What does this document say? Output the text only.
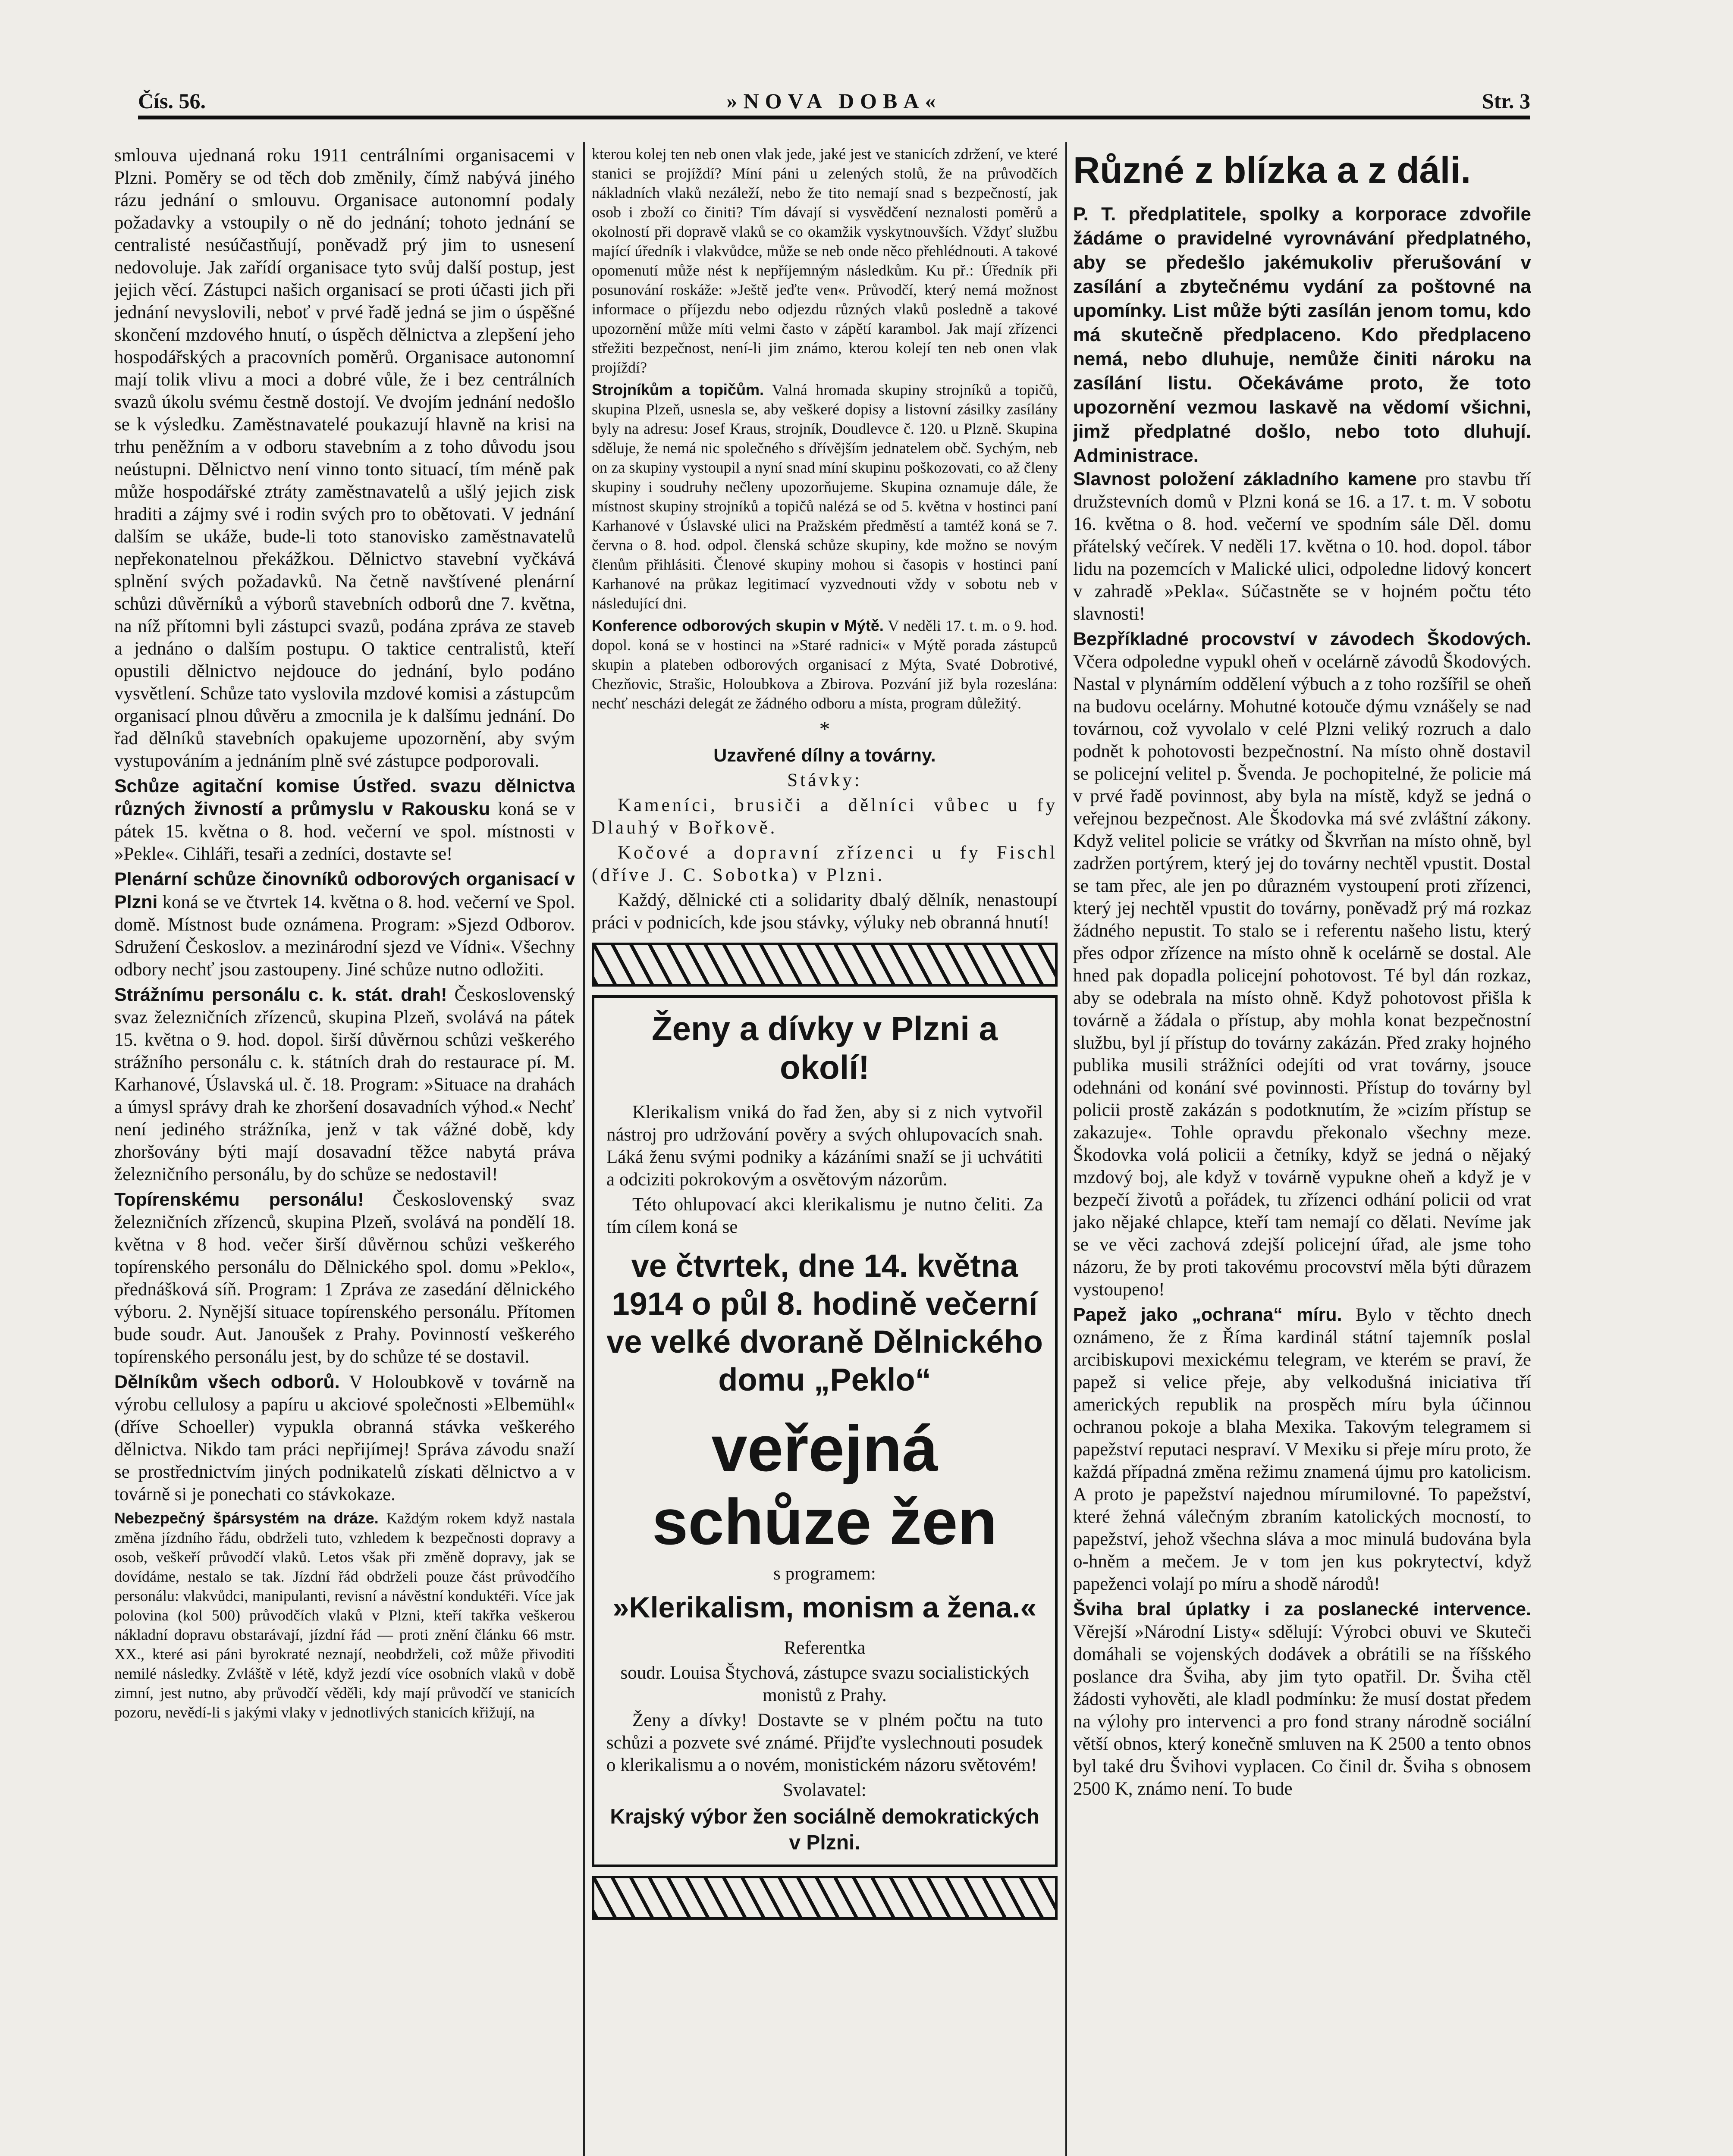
Čís. 56.	»NOVA DOBA«	Str. 3

smlouva ujednaná roku 1911 centrálními organisacemi v Plzni. Poměry se od těch dob změnily, čímž nabývá jiného rázu jednání o smlouvu. Organisace autonomní podaly požadavky a vstoupily o ně do jednání; tohoto jednání se centralisté nesúčastňují, poněvadž prý jim to usnesení nedovoluje. Jak zařídí organisace tyto svůj další postup, jest jejich věcí. Zástupci našich organisací se proti účasti jich při jednání nevyslovili, neboť v prvé řadě jedná se jim o úspěšné skončení mzdového hnutí, o úspěch dělnictva a zlepšení jeho hospodářských a pracovních poměrů. Organisace autonomní mají tolik vlivu a moci a dobré vůle, že i bez centrálních svazů úkolu svému čestně dostojí. Ve dvojím jednání nedošlo se k výsledku. Zaměstnavatelé poukazují hlavně na krisi na trhu peněžním a v odboru stavebním a z toho důvodu jsou neústupni. Dělnictvo není vinno tonto situací, tím méně pak může hospodářské ztráty zaměstnavatelů a ušlý jejich zisk hraditi a zájmy své i rodin svých pro to obětovati. V jednání dalším se ukáže, bude-li toto stanovisko zaměstnavatelů nepřekonatelnou překážkou. Dělnictvo stavební vyčkává splnění svých požadavků. Na četně navštívené plenární schůzi důvěrníků a výborů stavebních odborů dne 7. května, na níž přítomni byli zástupci svazů, podána zpráva ze staveb a jednáno o dalším postupu. O taktice centralistů, kteří opustili dělnictvo nejdouce do jednání, bylo podáno vysvětlení. Schůze tato vyslovila mzdové komisi a zástupcům organisací plnou důvěru a zmocnila je k dalšímu jednání. Do řad dělníků stavebních opakujeme upozornění, aby svým vystupováním a jednáním plně své zástupce podporovali.

Schůze agitační komise Ústřed. svazu dělnictva různých živností a průmyslu v Rakousku koná se v pátek 15. května o 8. hod. večerní ve spol. místnosti v »Pekle«. Cihláři, tesaři a zedníci, dostavte se!

Plenární schůze činovníků odborových organisací v Plzni koná se ve čtvrtek 14. května o 8. hod. večerní ve Spol. domě. Místnost bude oznámena. Program: »Sjezd Odborov. Sdružení Českoslov. a mezinárodní sjezd ve Vídni«. Všechny odbory nechť jsou zastoupeny. Jiné schůze nutno odložiti.

Strážnímu personálu c. k. stát. drah! Československý svaz železničních zřízenců, skupina Plzeň, svolává na pátek 15. května o 9. hod. dopol. širší důvěrnou schůzi veškerého strážního personálu c. k. státních drah do restaurace pí. M. Karhanové, Úslavská ul. č. 18. Program: »Situace na drahách a úmysl správy drah ke zhoršení dosavadních výhod.« Nechť není jediného strážníka, jenž v tak vážné době, kdy zhoršovány býti mají dosavadní těžce nabytá práva železničního personálu, by do schůze se nedostavil!

Topírenskému personálu! Československý svaz železničních zřízenců, skupina Plzeň, svolává na pondělí 18. května v 8 hod. večer širší důvěrnou schůzi veškerého topírenského personálu do Dělnického spol. domu »Peklo«, přednášková síň. Program: 1 Zpráva ze zasedání dělnického výboru. 2. Nynější situace topírenského personálu. Přítomen bude soudr. Aut. Janoušek z Prahy. Povinností veškerého topírenského personálu jest, by do schůze té se dostavil.

Dělníkům všech odborů. V Holoubkově v továrně na výrobu cellulosy a papíru u akciové společnosti »Elbemühl« (dříve Schoeller) vypukla obranná stávka veškerého dělnictva. Nikdo tam práci nepřijímej! Správa závodu snaží se prostřednictvím jiných podnikatelů získati dělnictvo a v továrně si je ponechati co stávkokaze.

Nebezpečný špársystém na dráze. Každým rokem když nastala změna jízdního řádu, obdrželi tuto, vzhledem k bezpečnosti dopravy a osob, veškeří průvodčí vlaků. Letos však při změně dopravy, jak se dovídáme, nestalo se tak. Jízdní řád obdrželi pouze část průvodčího personálu: vlakvůdci, manipulanti, revisní a návěstní konduktéři. Více jak polovina (kol 500) průvodčích vlaků v Plzni, kteří takřka veškerou nákladní dopravu obstarávají, jízdní řád — proti znění článku 66 mstr. XX., které asi páni byrokraté neznají, neobdrželi, což může přivoditi nemilé následky. Zvláště v létě, když jezdí více osobních vlaků v době zimní, jest nutno, aby průvodčí věděli, kdy mají průvodčí ve stanicích pozoru, nevědí-li s jakými vlaky v jednotlivých stanicích křižují, na

kterou kolej ten neb onen vlak jede, jaké jest ve stanicích zdržení, ve které stanici se projíždí? Míní páni u zelených stolů, že na průvodčích nákladních vlaků nezáleží, nebo že tito nemají snad s bezpečností, jak osob i zboží co činiti? Tím dávají si vysvědčení neznalosti poměrů a okolností při dopravě vlaků se co okamžik vyskytnouvších. Vždyť službu mající úředník i vlakvůdce, může se neb onde něco přehlédnouti. A takové opomenutí může nést k nepříjemným následkům. Ku př.: Úředník při posunování roskáže: »Ještě jeďte ven«. Průvodčí, který nemá možnost informace o příjezdu nebo odjezdu různých vlaků posledně a takové upozornění může míti velmi často v zápětí karambol. Jak mají zřízenci střežiti bezpečnost, není-li jim známo, kterou kolejí ten neb onen vlak projíždí?

Strojníkům a topičům. Valná hromada skupiny strojníků a topičů, skupina Plzeň, usnesla se, aby veškeré dopisy a listovní zásilky zasílány byly na adresu: Josef Kraus, strojník, Doudlevce č. 120. u Plzně. Skupina sděluje, že nemá nic společného s dřívějším jednatelem obč. Sychým, neb on za skupiny vystoupil a nyní snad míní skupinu poškozovati, co až členy skupiny i soudruhy nečleny upozorňujeme. Skupina oznamuje dále, že místnost skupiny strojníků a topičů nalézá se od 5. května v hostinci paní Karhanové v Úslavské ulici na Pražském předměstí a tamtéž koná se 7. června o 8. hod. odpol. členská schůze skupiny, kde možno se novým členům přihlásiti. Členové skupiny mohou si časopis v hostinci paní Karhanové na průkaz legitimací vyzvednouti vždy v sobotu neb v následující dni.

Konference odborových skupin v Mýtě. V neděli 17. t. m. o 9. hod. dopol. koná se v hostinci na »Staré radnici« v Mýtě porada zástupců skupin a plateben odborových organisací z Mýta, Svaté Dobrotivé, Chezňovic, Strašic, Holoubkova a Zbirova. Pozvání již byla rozeslána: nechť nescházi delegát ze žádného odboru a místa, program důležitý.

*

Uzavřené dílny a továrny.

Stávky:

Kameníci, brusiči a dělníci vůbec u fy Dlauhý v Bořkově.

Kočové a dopravní zřízenci u fy Fischl (dříve J. C. Sobotka) v Plzni.

Každý, dělnické cti a solidarity dbalý dělník, nenastoupí práci v podnicích, kde jsou stávky, výluky neb obranná hnutí!

Ženy a dívky v Plzni a okolí!

Klerikalism vniká do řad žen, aby si z nich vytvořil nástroj pro udržování pověry a svých ohlupovacích snah. Láká ženu svými podniky a kázáními snaží se ji uchvátiti a odciziti pokrokovým a osvětovým názorům.

Této ohlupovací akci klerikalismu je nutno čeliti. Za tím cílem koná se

ve čtvrtek, dne 14. května 1914 o půl 8. hodině večerní ve velké dvoraně Dělnického domu „Peklo“
veřejná schůze žen

s programem:

»Klerikalism, monism a žena.«

Referentka

soudr. Louisa Štychová, zástupce svazu socialistických monistů z Prahy.

Ženy a dívky! Dostavte se v plném počtu na tuto schůzi a pozvete své známé. Přijďte vyslechnouti posudek o klerikalismu a o novém, monistickém názoru světovém!

Svolavatel:

Krajský výbor žen sociálně demokratických v Plzni.
Různé z blízka a z dáli.
P. T. předplatitele, spolky a korporace zdvořile žádáme o pravidelné vyrovnávání předplatného, aby se předešlo jakémukoliv přerušování v zasílání a zbytečnému vydání za poštovné na upomínky. List může býti zasílán jenom tomu, kdo má skutečně předplaceno. Kdo předplaceno nemá, nebo dluhuje, nemůže činiti nároku na zasílání listu. Očekáváme proto, že toto upozornění vezmou laskavě na vědomí všichni, jimž předplatné došlo, nebo toto dluhují. Administrace.

Slavnost položení základního kamene pro stavbu tří družstevních domů v Plzni koná se 16. a 17. t. m. V sobotu 16. května o 8. hod. večerní ve spodním sále Děl. domu přátelský večírek. V neděli 17. května o 10. hod. dopol. tábor lidu na pozemcích v Malické ulici, odpoledne lidový koncert v zahradě »Pekla«. Súčastněte se v hojném počtu této slavnosti!

Bezpříkladné procovství v závodech Škodových. Včera odpoledne vypukl oheň v ocelárně závodů Škodových. Nastal v plynárním oddělení výbuch a z toho rozšířil se oheň na budovu ocelárny. Mohutné kotouče dýmu vznášely se nad továrnou, což vyvolalo v celé Plzni veliký rozruch a dalo podnět k pohotovosti bezpečnostní. Na místo ohně dostavil se policejní velitel p. Švenda. Je pochopitelné, že policie má v prvé řadě povinnost, aby byla na místě, když se jedná o veřejnou bezpečnost. Ale Škodovka má své zvláštní zákony. Když velitel policie se vrátky od Škvrňan na místo ohně, byl zadržen portýrem, který jej do továrny nechtěl vpustit. Dostal se tam přec, ale jen po důrazném vystoupení proti zřízenci, který jej nechtěl vpustit do továrny, poněvadž prý má rozkaz žádného nepustit. To stalo se i referentu našeho listu, který přes odpor zřízence na místo ohně k ocelárně se dostal. Ale hned pak dopadla policejní pohotovost. Té byl dán rozkaz, aby se odebrala na místo ohně. Když pohotovost přišla k továrně a žádala o přístup, aby mohla konat bezpečnostní službu, byl jí přístup do továrny zakázán. Před zraky hojného publika musili strážníci odejíti od vrat továrny, jsouce odehnáni od konání své povinnosti. Přístup do továrny byl policii prostě zakázán s podotknutím, že »cizím přístup se zakazuje«. Tohle opravdu překonalo všechny meze. Škodovka volá policii a četníky, když se jedná o nějaký mzdový boj, ale když v továrně vypukne oheň a když je v bezpečí životů a pořádek, tu zřízenci odhání policii od vrat jako nějaké chlapce, kteří tam nemají co dělati. Nevíme jak se ve věci zachová zdejší policejní úřad, ale jsme toho názoru, že by proti takovému procovství měla býti důrazem vystoupeno!

Papež jako „ochrana“ míru. Bylo v těchto dnech oznámeno, že z Říma kardinál státní tajemník poslal arcibiskupovi mexickému telegram, ve kterém se praví, že papež si velice přeje, aby velkodušná iniciativa tří amerických republik na prospěch míru byla účinnou ochranou pokoje a blaha Mexika. Takovým telegramem si papežství reputaci nespraví. V Mexiku si přeje míru proto, že každá případná změna režimu znamená újmu pro katolicism. A proto je papežství najednou mírumilovné. To papežství, které žehná válečným zbraním katolických mocností, to papežství, jehož všechna sláva a moc minulá budována byla o-hněm a mečem. Je v tom jen kus pokrytectví, když papeženci volají po míru a shodě národů!

Šviha bral úplatky i za poslanecké intervence. Věrejší »Národní Listy« sdělují: Výrobci obuvi ve Skuteči domáhali se vojenských dodávek a obrátili se na říšského poslance dra Šviha, aby jim tyto opatřil. Dr. Šviha ctěl žádosti vyhověti, ale kladl podmínku: že musí dostat předem na výlohy pro intervenci a pro fond strany národně sociální větší obnos, který konečně smluven na K 2500 a tento obnos byl také dru Švihovi vyplacen. Co činil dr. Šviha s obnosem 2500 K, známo není. To bude
